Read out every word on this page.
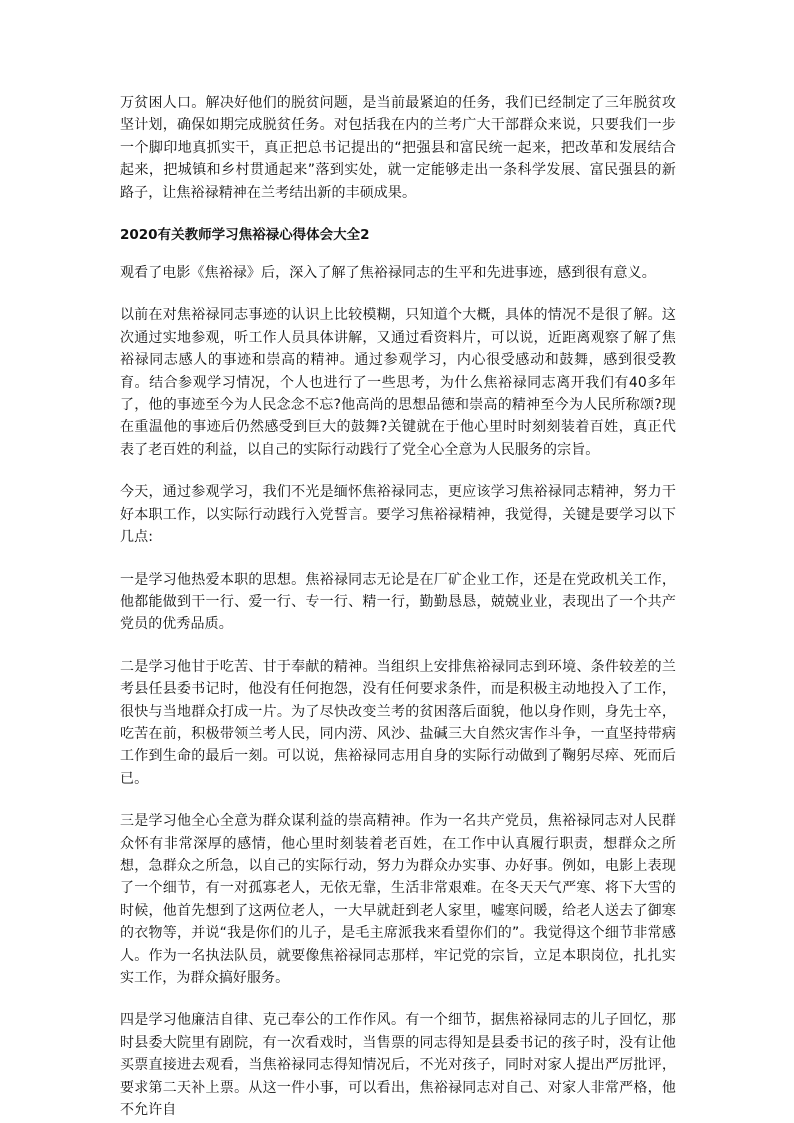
万贫困人口。解决好他们的脱贫问题，是当前最紧迫的任务，我们已经制定了三年脱贫攻坚计划，确保如期完成脱贫任务。对包括我在内的兰考广大干部群众来说，只要我们一步一个脚印地真抓实干，真正把总书记提出的“把强县和富民统一起来，把改革和发展结合起来，把城镇和乡村贯通起来”落到实处，就一定能够走出一条科学发展、富民强县的新路子，让焦裕禄精神在兰考结出新的丰硕成果。

2020有关教师学习焦裕禄心得体会大全2

观看了电影《焦裕禄》后，深入了解了焦裕禄同志的生平和先进事迹，感到很有意义。

以前在对焦裕禄同志事迹的认识上比较模糊，只知道个大概，具体的情况不是很了解。这次通过实地参观，听工作人员具体讲解，又通过看资料片，可以说，近距离观察了解了焦裕禄同志感人的事迹和崇高的精神。通过参观学习，内心很受感动和鼓舞，感到很受教育。结合参观学习情况，个人也进行了一些思考，为什么焦裕禄同志离开我们有40多年了，他的事迹至今为人民念念不忘?他高尚的思想品德和崇高的精神至今为人民所称颂?现在重温他的事迹后仍然感受到巨大的鼓舞?关键就在于他心里时时刻刻装着百姓，真正代表了老百姓的利益，以自己的实际行动践行了党全心全意为人民服务的宗旨。

今天，通过参观学习，我们不光是缅怀焦裕禄同志，更应该学习焦裕禄同志精神，努力干好本职工作，以实际行动践行入党誓言。要学习焦裕禄精神，我觉得，关键是要学习以下几点:

一是学习他热爱本职的思想。焦裕禄同志无论是在厂矿企业工作，还是在党政机关工作，他都能做到干一行、爱一行、专一行、精一行，勤勤恳恳，兢兢业业，表现出了一个共产党员的优秀品质。

二是学习他甘于吃苦、甘于奉献的精神。当组织上安排焦裕禄同志到环境、条件较差的兰考县任县委书记时，他没有任何抱怨，没有任何要求条件，而是积极主动地投入了工作，很快与当地群众打成一片。为了尽快改变兰考的贫困落后面貌，他以身作则，身先士卒，吃苦在前，积极带领兰考人民，同内涝、风沙、盐碱三大自然灾害作斗争，一直坚持带病工作到生命的最后一刻。可以说，焦裕禄同志用自身的实际行动做到了鞠躬尽瘁、死而后已。

三是学习他全心全意为群众谋利益的崇高精神。作为一名共产党员，焦裕禄同志对人民群众怀有非常深厚的感情，他心里时刻装着老百姓，在工作中认真履行职责，想群众之所想，急群众之所急，以自己的实际行动，努力为群众办实事、办好事。例如，电影上表现了一个细节，有一对孤寡老人，无依无靠，生活非常艰难。在冬天天气严寒、将下大雪的时候，他首先想到了这两位老人，一大早就赶到老人家里，嘘寒问暖，给老人送去了御寒的衣物等，并说“我是你们的儿子，是毛主席派我来看望你们的”。我觉得这个细节非常感人。作为一名执法队员，就要像焦裕禄同志那样，牢记党的宗旨，立足本职岗位，扎扎实实工作，为群众搞好服务。

四是学习他廉洁自律、克己奉公的工作作风。有一个细节，据焦裕禄同志的儿子回忆，那时县委大院里有剧院，有一次看戏时，当售票的同志得知是县委书记的孩子时，没有让他买票直接进去观看，当焦裕禄同志得知情况后，不光对孩子，同时对家人提出严厉批评，要求第二天补上票。从这一件小事，可以看出，焦裕禄同志对自己、对家人非常严格，他不允许自
